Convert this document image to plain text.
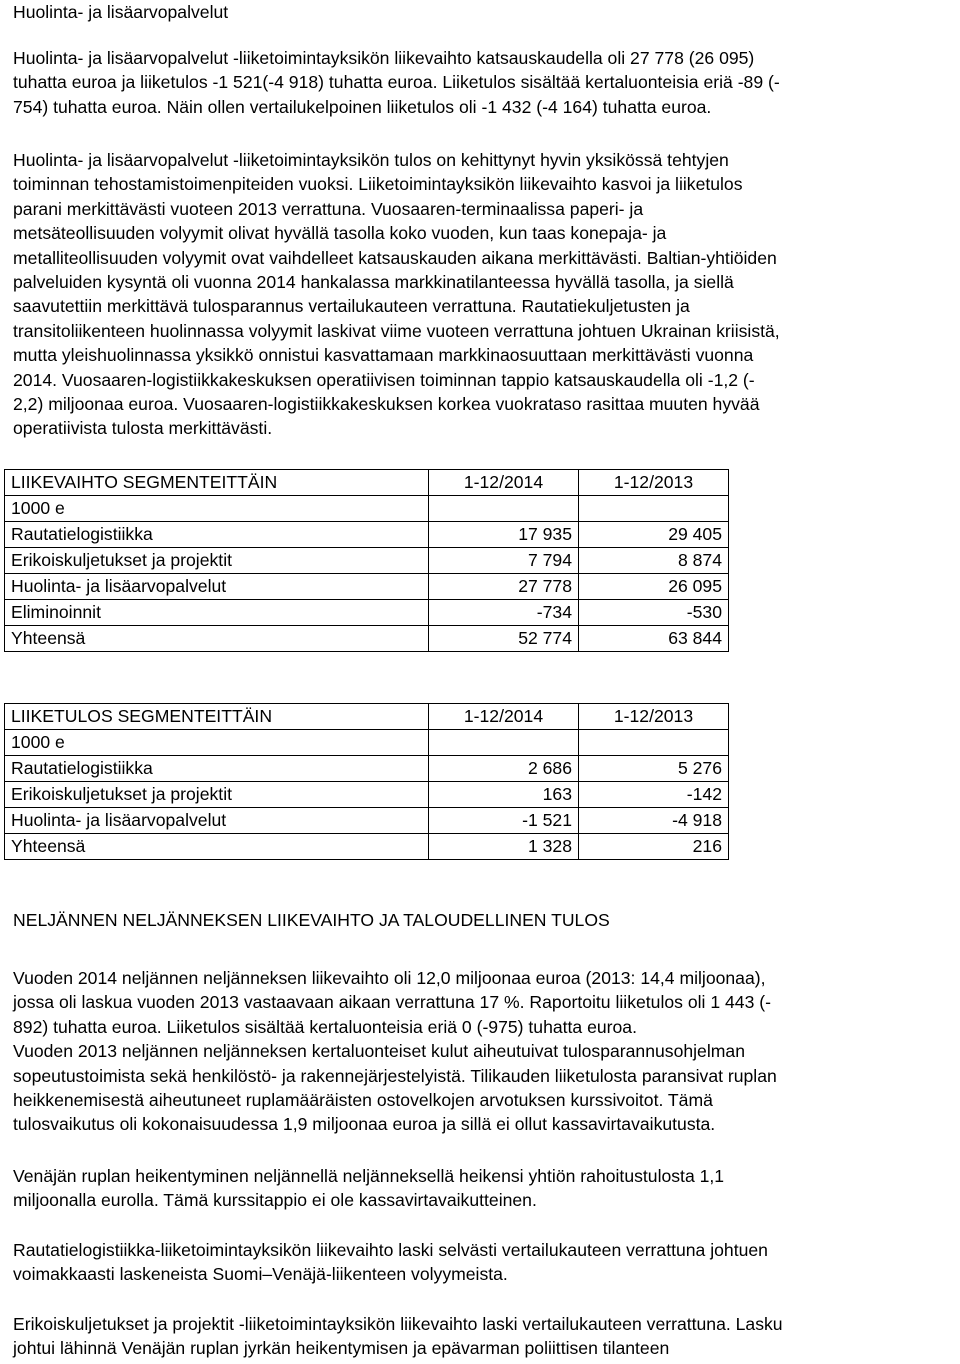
Huolinta- ja lisäarvopalvelut
Huolinta- ja lisäarvopalvelut -liiketoimintayksikön liikevaihto katsauskaudella oli 27 778 (26 095)
tuhatta euroa ja liiketulos -1 521(-4 918) tuhatta euroa. Liiketulos sisältää kertaluonteisia eriä -89 (-
754) tuhatta euroa. Näin ollen vertailukelpoinen liiketulos oli -1 432 (-4 164) tuhatta euroa.
Huolinta- ja lisäarvopalvelut -liiketoimintayksikön tulos on kehittynyt hyvin yksikössä tehtyjen
toiminnan tehostamistoimenpiteiden vuoksi. Liiketoimintayksikön liikevaihto kasvoi ja liiketulos
parani merkittävästi vuoteen 2013 verrattuna. Vuosaaren-terminaalissa paperi- ja
metsäteollisuuden volyymit olivat hyvällä tasolla koko vuoden, kun taas konepaja- ja
metalliteollisuuden volyymit ovat vaihdelleet katsauskauden aikana merkittävästi. Baltian-yhtiöiden
palveluiden kysyntä oli vuonna 2014 hankalassa markkinatilanteessa hyvällä tasolla, ja siellä
saavutettiin merkittävä tulosparannus vertailukauteen verrattuna. Rautatiekuljetusten ja
transitoliikenteen huolinnassa volyymit laskivat viime vuoteen verrattuna johtuen Ukrainan kriisistä,
mutta yleishuolinnassa yksikkö onnistui kasvattamaan markkinaosuuttaan merkittävästi vuonna
2014. Vuosaaren-logistiikkakeskuksen operatiivisen toiminnan tappio katsauskaudella oli -1,2 (-
2,2) miljoonaa euroa. Vuosaaren-logistiikkakeskuksen korkea vuokrataso rasittaa muuten hyvää
operatiivista tulosta merkittävästi.
LIIKEVAIHTO SEGMENTEITTÄIN	1-12/2014	1-12/2013
1000 e		
Rautatielogistiikka	17 935	29 405
Erikoiskuljetukset ja projektit	7 794	8 874
Huolinta- ja lisäarvopalvelut	27 778	26 095
Eliminoinnit	-734	-530
Yhteensä	52 774	63 844
LIIKETULOS SEGMENTEITTÄIN	1-12/2014	1-12/2013
1000 e		
Rautatielogistiikka	2 686	5 276
Erikoiskuljetukset ja projektit	163	-142
Huolinta- ja lisäarvopalvelut	-1 521	-4 918
Yhteensä	1 328	216
NELJÄNNEN NELJÄNNEKSEN LIIKEVAIHTO JA TALOUDELLINEN TULOS
Vuoden 2014 neljännen neljänneksen liikevaihto oli 12,0 miljoonaa euroa (2013: 14,4 miljoonaa),
jossa oli laskua vuoden 2013 vastaavaan aikaan verrattuna 17 %. Raportoitu liiketulos oli 1 443 (-
892) tuhatta euroa. Liiketulos sisältää kertaluonteisia eriä 0 (-975) tuhatta euroa.
Vuoden 2013 neljännen neljänneksen kertaluonteiset kulut aiheutuivat tulosparannusohjelman
sopeutustoimista sekä henkilöstö- ja rakennejärjestelyistä. Tilikauden liiketulosta paransivat ruplan
heikkenemisestä aiheutuneet ruplamääräisten ostovelkojen arvotuksen kurssivoitot. Tämä
tulosvaikutus oli kokonaisuudessa 1,9 miljoonaa euroa ja sillä ei ollut kassavirtavaikutusta.
Venäjän ruplan heikentyminen neljännellä neljänneksellä heikensi yhtiön rahoitustulosta 1,1
miljoonalla eurolla. Tämä kurssitappio ei ole kassavirtavaikutteinen.
Rautatielogistiikka-liiketoimintayksikön liikevaihto laski selvästi vertailukauteen verrattuna johtuen
voimakkaasti laskeneista Suomi–Venäjä-liikenteen volyymeista.
Erikoiskuljetukset ja projektit -liiketoimintayksikön liikevaihto laski vertailukauteen verrattuna. Lasku
johtui lähinnä Venäjän ruplan jyrkän heikentymisen ja epävarman poliittisen tilanteen
